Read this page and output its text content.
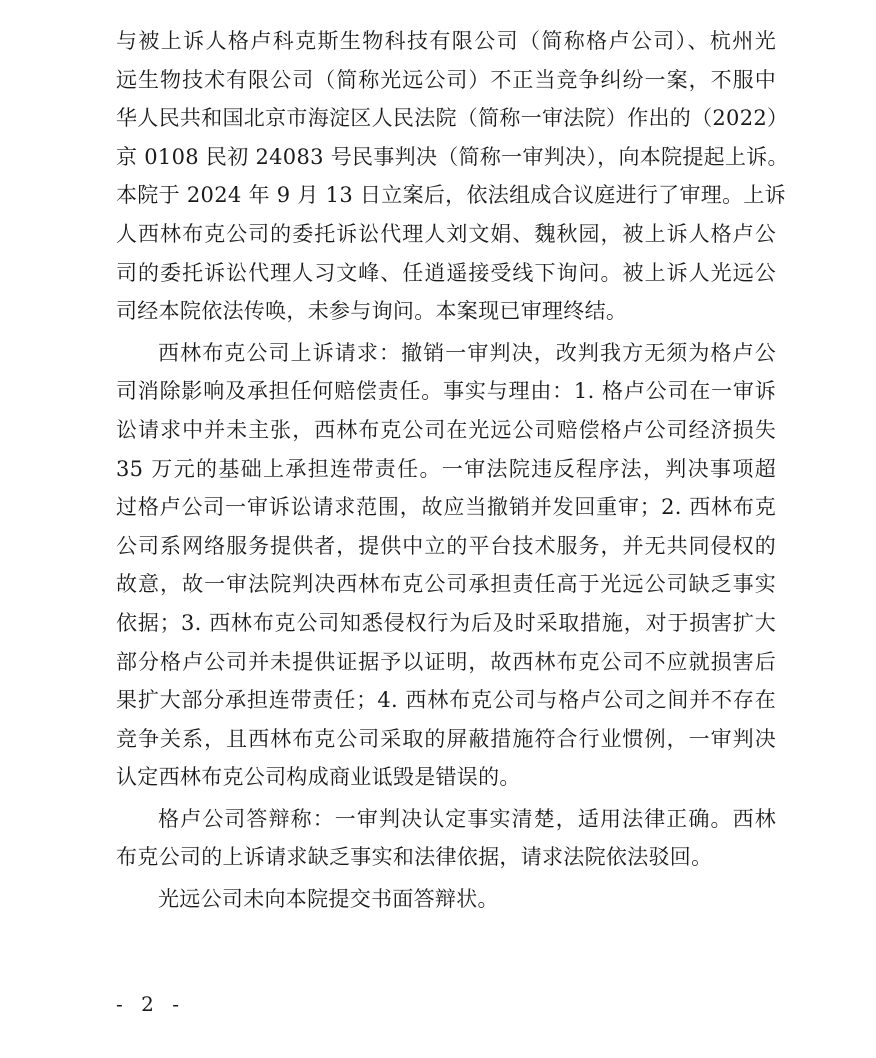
与被上诉人格卢科克斯生物科技有限公司（简称格卢公司）、杭州光
远生物技术有限公司（简称光远公司）不正当竞争纠纷一案，不服中
华人民共和国北京市海淀区人民法院（简称一审法院）作出的（2022）
京 0108 民初 24083 号民事判决（简称一审判决），向本院提起上诉。
本院于 2024 年 9 月 13 日立案后，依法组成合议庭进行了审理。上诉
人西林布克公司的委托诉讼代理人刘文娟、魏秋园，被上诉人格卢公
司的委托诉讼代理人习文峰、任逍遥接受线下询问。被上诉人光远公
司经本院依法传唤，未参与询问。本案现已审理终结。
西林布克公司上诉请求：撤销一审判决，改判我方无须为格卢公
司消除影响及承担任何赔偿责任。事实与理由：1. 格卢公司在一审诉
讼请求中并未主张，西林布克公司在光远公司赔偿格卢公司经济损失
35 万元的基础上承担连带责任。一审法院违反程序法，判决事项超
过格卢公司一审诉讼请求范围，故应当撤销并发回重审；2. 西林布克
公司系网络服务提供者，提供中立的平台技术服务，并无共同侵权的
故意，故一审法院判决西林布克公司承担责任高于光远公司缺乏事实
依据；3. 西林布克公司知悉侵权行为后及时采取措施，对于损害扩大
部分格卢公司并未提供证据予以证明，故西林布克公司不应就损害后
果扩大部分承担连带责任；4. 西林布克公司与格卢公司之间并不存在
竞争关系，且西林布克公司采取的屏蔽措施符合行业惯例，一审判决
认定西林布克公司构成商业诋毁是错误的。
格卢公司答辩称：一审判决认定事实清楚，适用法律正确。西林
布克公司的上诉请求缺乏事实和法律依据，请求法院依法驳回。
光远公司未向本院提交书面答辩状。
- 2 -
